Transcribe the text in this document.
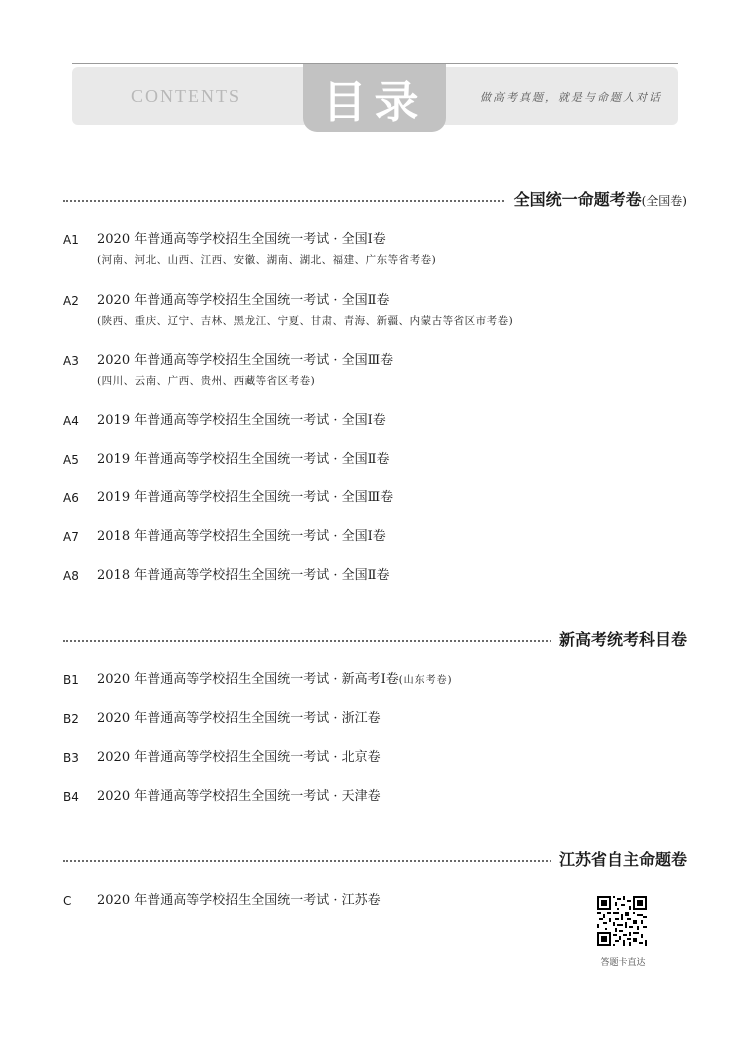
CONTENTS 目录	做高考真题，就是与命题人对话
全国统一命题考卷(全国卷)
A1 2020 年普通高等学校招生全国统一考试 · 全国Ⅰ卷
(河南、河北、山西、江西、安徽、湖南、湖北、福建、广东等省考卷)
A2 2020 年普通高等学校招生全国统一考试 · 全国Ⅱ卷
(陕西、重庆、辽宁、吉林、黑龙江、宁夏、甘肃、青海、新疆、内蒙古等省区市考卷)
A3 2020 年普通高等学校招生全国统一考试 · 全国Ⅲ卷
(四川、云南、广西、贵州、西藏等省区考卷)
A4 2019 年普通高等学校招生全国统一考试 · 全国Ⅰ卷
A5 2019 年普通高等学校招生全国统一考试 · 全国Ⅱ卷
A6 2019 年普通高等学校招生全国统一考试 · 全国Ⅲ卷
A7 2018 年普通高等学校招生全国统一考试 · 全国Ⅰ卷
A8 2018 年普通高等学校招生全国统一考试 · 全国Ⅱ卷
新高考统考科目卷
B1 2020 年普通高等学校招生全国统一考试 · 新高考Ⅰ卷(山东考卷)
B2 2020 年普通高等学校招生全国统一考试 · 浙江卷
B3 2020 年普通高等学校招生全国统一考试 · 北京卷
B4 2020 年普通高等学校招生全国统一考试 · 天津卷
江苏省自主命题卷
C 2020 年普通高等学校招生全国统一考试 · 江苏卷
答题卡直达
